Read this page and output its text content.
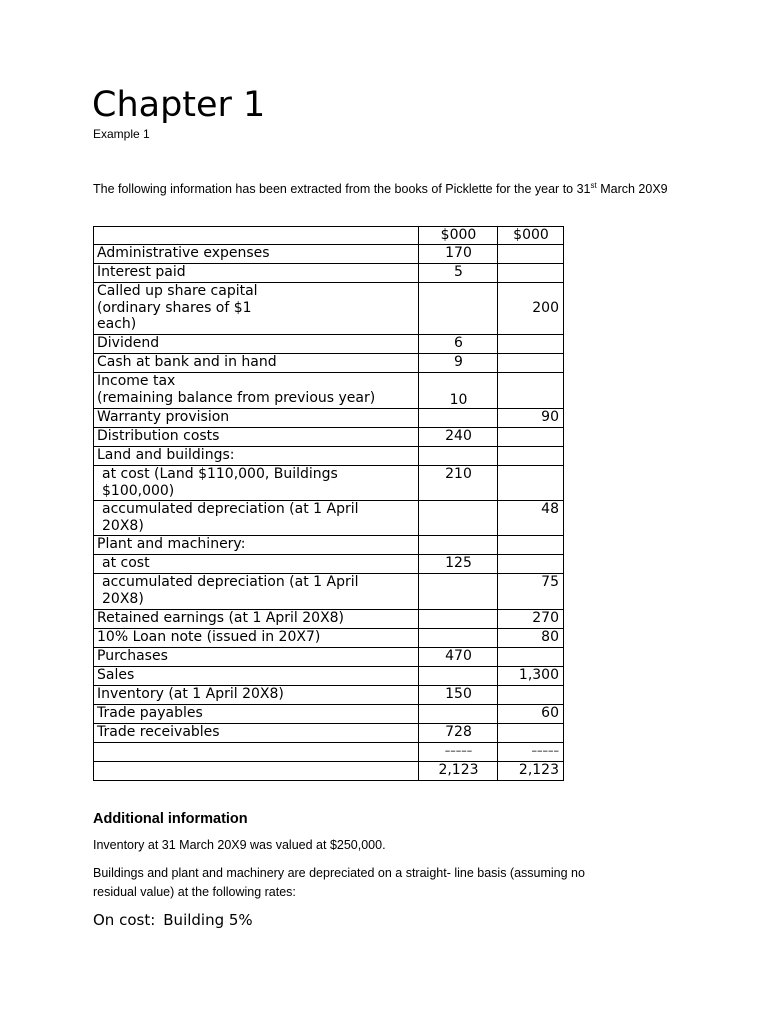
Chapter 1
Example 1
The following information has been extracted from the books of Picklette for the year to 31st March 20X9
	$000	$000
Administrative expenses	170	
Interest paid	5	

Called up share capital
(ordinary shares of $1
each)		200
Dividend	6	
Cash at bank and in hand	9	

Income tax
(remaining balance from previous year)	10	
Warranty provision		90
Distribution costs	240	
Land and buildings:		

at cost (Land $110,000, Buildings
$100,000)	210	

accumulated depreciation (at 1 April
20X8)		48
Plant and machinery:		
at cost	125	

accumulated depreciation (at 1 April
20X8)		75
Retained earnings (at 1 April 20X8)		270
10% Loan note (issued in 20X7)		80
Purchases	470	
Sales		1,300
Inventory (at 1 April 20X8)	150	
Trade payables		60
Trade receivables	728	
	–––––	–––––
	2,123	2,123
Additional information
Inventory at 31 March 20X9 was valued at $250,000.
Buildings and plant and machinery are depreciated on a straight- line basis (assuming no residual value) at the following rates:
On cost: Building 5%
